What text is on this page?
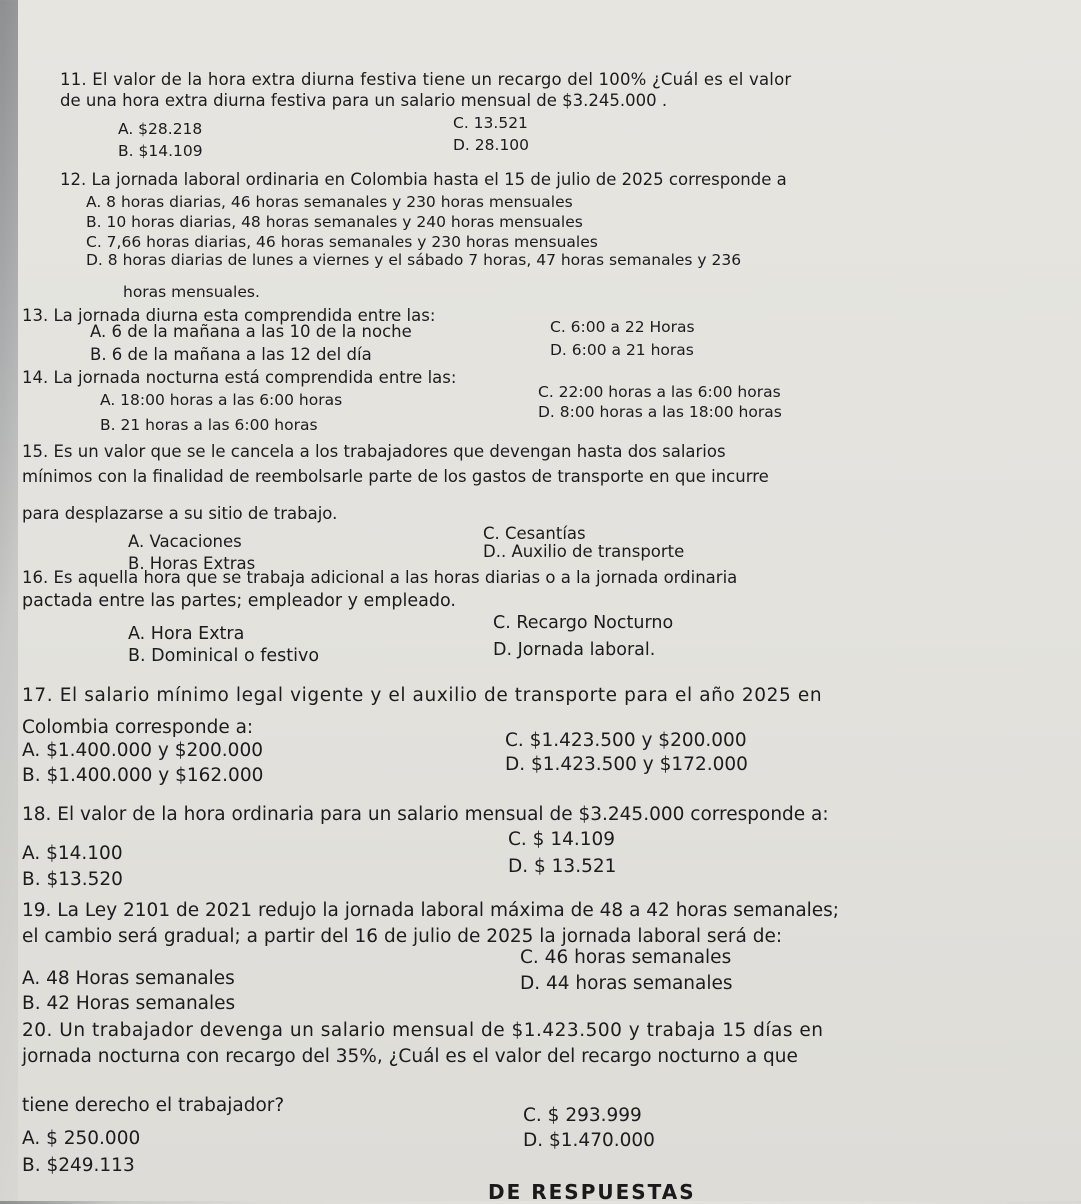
11. El valor de la hora extra diurna festiva tiene un recargo del 100% ¿Cuál es el valor

de una hora extra diurna festiva para un salario mensual de $3.245.000 .

A. $28.218
B. $14.109
C. 13.521
D. 28.100

12. La jornada laboral ordinaria en Colombia hasta el 15 de julio de 2025 corresponde a

A. 8 horas diarias, 46 horas semanales y 230 horas mensuales
B. 10 horas diarias, 48 horas semanales y 240 horas mensuales
C. 7,66 horas diarias, 46 horas semanales y 230 horas mensuales
D. 8 horas diarias de lunes a viernes y el sábado 7 horas, 47 horas semanales y 236
horas mensuales.

13. La jornada diurna esta comprendida entre las:

A. 6 de la mañana a las 10 de la noche
B. 6 de la mañana a las 12 del día
C. 6:00 a 22 Horas
D. 6:00 a 21 horas

14. La jornada nocturna está comprendida entre las:

A. 18:00 horas a las 6:00 horas
B. 21 horas a las 6:00 horas
C. 22:00 horas a las 6:00 horas
D. 8:00 horas a las 18:00 horas

15. Es un valor que se le cancela a los trabajadores que devengan hasta dos salarios

mínimos con la finalidad de reembolsarle parte de los gastos de transporte en que incurre

para desplazarse a su sitio de trabajo.

A. Vacaciones
B. Horas Extras
C. Cesantías
D.. Auxilio de transporte

16. Es aquella hora que se trabaja adicional a las horas diarias o a la jornada ordinaria

pactada entre las partes; empleador y empleado.

A. Hora Extra
B. Dominical o festivo
C. Recargo Nocturno
D. Jornada laboral.

17. El salario mínimo legal vigente y el auxilio de transporte para el año 2025 en

Colombia corresponde a:

A. $1.400.000 y $200.000
B. $1.400.000 y $162.000
C. $1.423.500 y $200.000
D. $1.423.500 y $172.000

18. El valor de la hora ordinaria para un salario mensual de $3.245.000 corresponde a:

A. $14.100
B. $13.520
C. $ 14.109
D. $ 13.521

19. La Ley 2101 de 2021 redujo la jornada laboral máxima de 48 a 42 horas semanales;

el cambio será gradual; a partir del 16 de julio de 2025 la jornada laboral será de:

A. 48 Horas semanales
B. 42 Horas semanales
C. 46 horas semanales
D. 44 horas semanales

20. Un trabajador devenga un salario mensual de $1.423.500 y trabaja 15 días en

jornada nocturna con recargo del 35%, ¿Cuál es el valor del recargo nocturno a que

tiene derecho el trabajador?

A. $ 250.000
B. $249.113
C. $ 293.999
D. $1.470.000
DE RESPUESTAS
